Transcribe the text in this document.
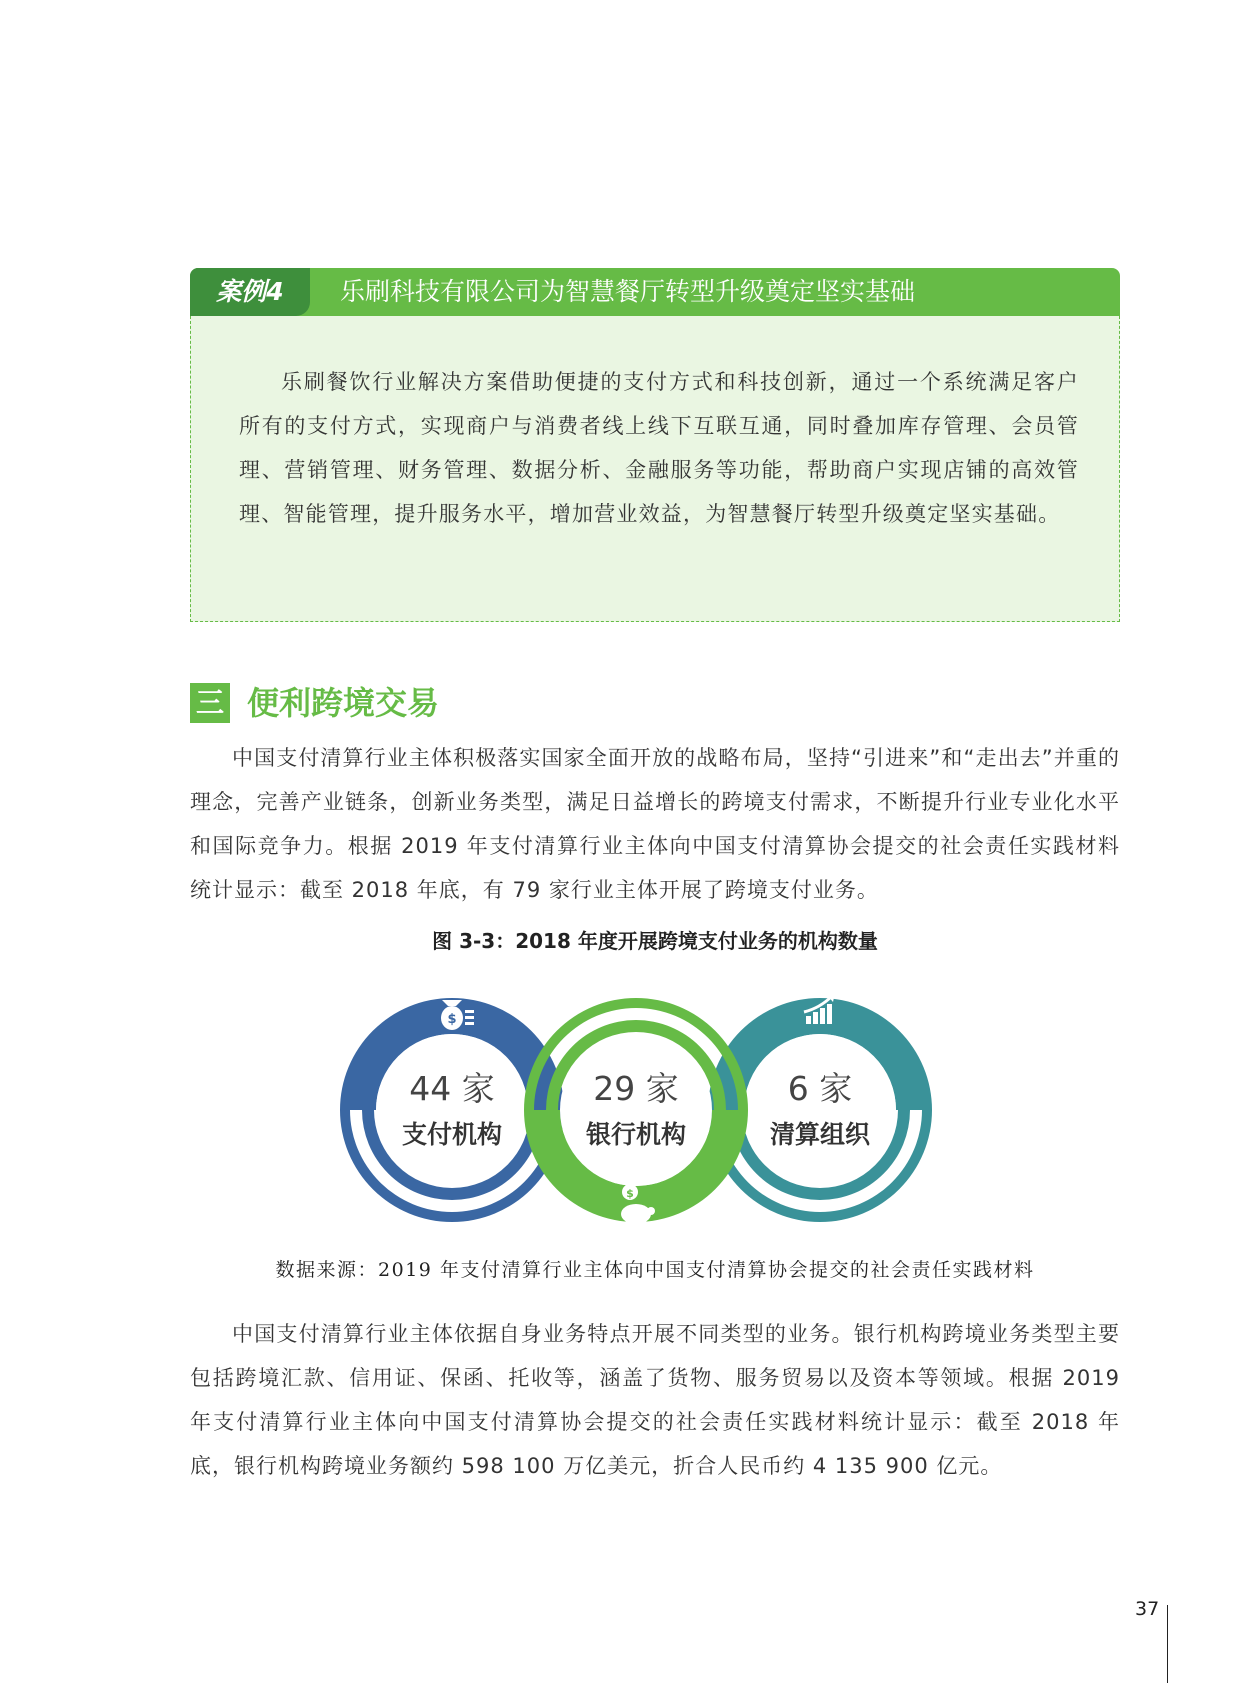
案例4	乐刷科技有限公司为智慧餐厅转型升级奠定坚实基础

乐刷餐饮行业解决方案借助便捷的支付方式和科技创新，通过一个系统满足客户所有的支付方式，实现商户与消费者线上线下互联互通，同时叠加库存管理、会员管理、营销管理、财务管理、数据分析、金融服务等功能，帮助商户实现店铺的高效管理、智能管理，提升服务水平，增加营业效益，为智慧餐厅转型升级奠定坚实基础。

三 便利跨境交易

中国支付清算行业主体积极落实国家全面开放的战略布局，坚持“引进来”和“走出去”并重的理念，完善产业链条，创新业务类型，满足日益增长的跨境支付需求，不断提升行业专业化水平和国际竞争力。根据 2019 年支付清算行业主体向中国支付清算协会提交的社会责任实践材料统计显示：截至 2018 年底，有 79 家行业主体开展了跨境支付业务。

图 3-3：2018 年度开展跨境支付业务的机构数量
$
$
44 家
支付机构
29 家
银行机构
6 家
清算组织
数据来源：2019 年支付清算行业主体向中国支付清算协会提交的社会责任实践材料

中国支付清算行业主体依据自身业务特点开展不同类型的业务。银行机构跨境业务类型主要包括跨境汇款、信用证、保函、托收等，涵盖了货物、服务贸易以及资本等领域。根据 2019 年支付清算行业主体向中国支付清算协会提交的社会责任实践材料统计显示：截至 2018 年底，银行机构跨境业务额约 598 100 万亿美元，折合人民币约 4 135 900 亿元。

37
